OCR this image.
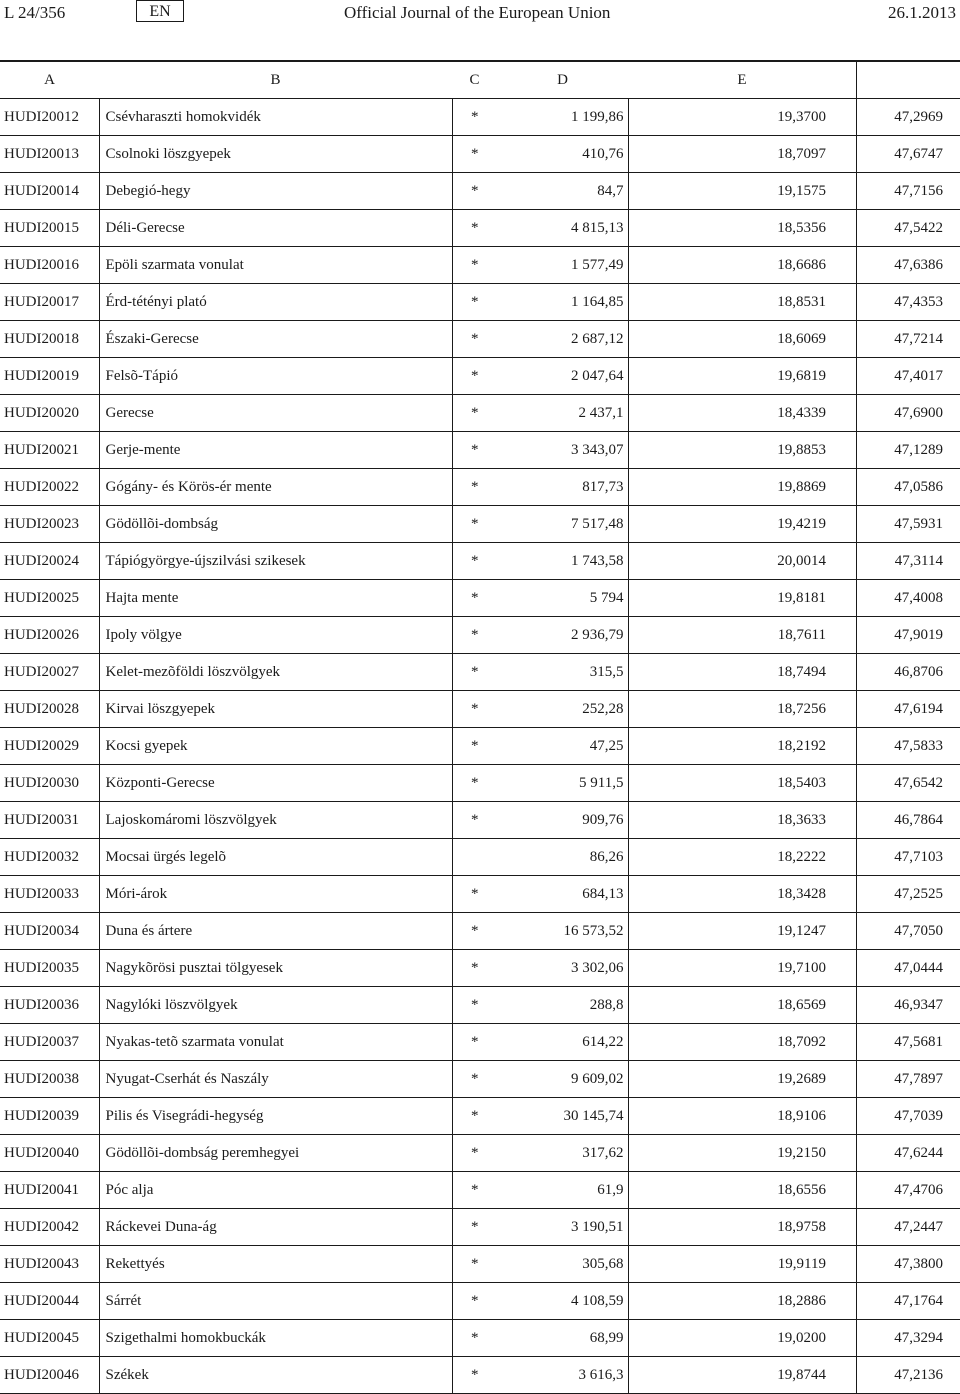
L 24/356	EN	Official Journal of the European Union	26.1.2013
A	B	C	D	E	
HUDI20012	Csévharaszti homokvidék	*	1 199,86	19,3700	47,2969
HUDI20013	Csolnoki löszgyepek	*	410,76	18,7097	47,6747
HUDI20014	Debegió-hegy	*	84,7	19,1575	47,7156
HUDI20015	Déli-Gerecse	*	4 815,13	18,5356	47,5422
HUDI20016	Epöli szarmata vonulat	*	1 577,49	18,6686	47,6386
HUDI20017	Érd-tétényi plató	*	1 164,85	18,8531	47,4353
HUDI20018	Északi-Gerecse	*	2 687,12	18,6069	47,7214
HUDI20019	Felsõ-Tápió	*	2 047,64	19,6819	47,4017
HUDI20020	Gerecse	*	2 437,1	18,4339	47,6900
HUDI20021	Gerje-mente	*	3 343,07	19,8853	47,1289
HUDI20022	Gógány- és Körös-ér mente	*	817,73	19,8869	47,0586
HUDI20023	Gödöllõi-dombság	*	7 517,48	19,4219	47,5931
HUDI20024	Tápiógyörgye-újszilvási szikesek	*	1 743,58	20,0014	47,3114
HUDI20025	Hajta mente	*	5 794	19,8181	47,4008
HUDI20026	Ipoly völgye	*	2 936,79	18,7611	47,9019
HUDI20027	Kelet-mezõföldi löszvölgyek	*	315,5	18,7494	46,8706
HUDI20028	Kirvai löszgyepek	*	252,28	18,7256	47,6194
HUDI20029	Kocsi gyepek	*	47,25	18,2192	47,5833
HUDI20030	Központi-Gerecse	*	5 911,5	18,5403	47,6542
HUDI20031	Lajoskomáromi löszvölgyek	*	909,76	18,3633	46,7864
HUDI20032	Mocsai ürgés legelõ		86,26	18,2222	47,7103
HUDI20033	Móri-árok	*	684,13	18,3428	47,2525
HUDI20034	Duna és ártere	*	16 573,52	19,1247	47,7050
HUDI20035	Nagykõrösi pusztai tölgyesek	*	3 302,06	19,7100	47,0444
HUDI20036	Nagylóki löszvölgyek	*	288,8	18,6569	46,9347
HUDI20037	Nyakas-tetõ szarmata vonulat	*	614,22	18,7092	47,5681
HUDI20038	Nyugat-Cserhát és Naszály	*	9 609,02	19,2689	47,7897
HUDI20039	Pilis és Visegrádi-hegység	*	30 145,74	18,9106	47,7039
HUDI20040	Gödöllõi-dombság peremhegyei	*	317,62	19,2150	47,6244
HUDI20041	Póc alja	*	61,9	18,6556	47,4706
HUDI20042	Ráckevei Duna-ág	*	3 190,51	18,9758	47,2447
HUDI20043	Rekettyés	*	305,68	19,9119	47,3800
HUDI20044	Sárrét	*	4 108,59	18,2886	47,1764
HUDI20045	Szigethalmi homokbuckák	*	68,99	19,0200	47,3294
HUDI20046	Székek	*	3 616,3	19,8744	47,2136
